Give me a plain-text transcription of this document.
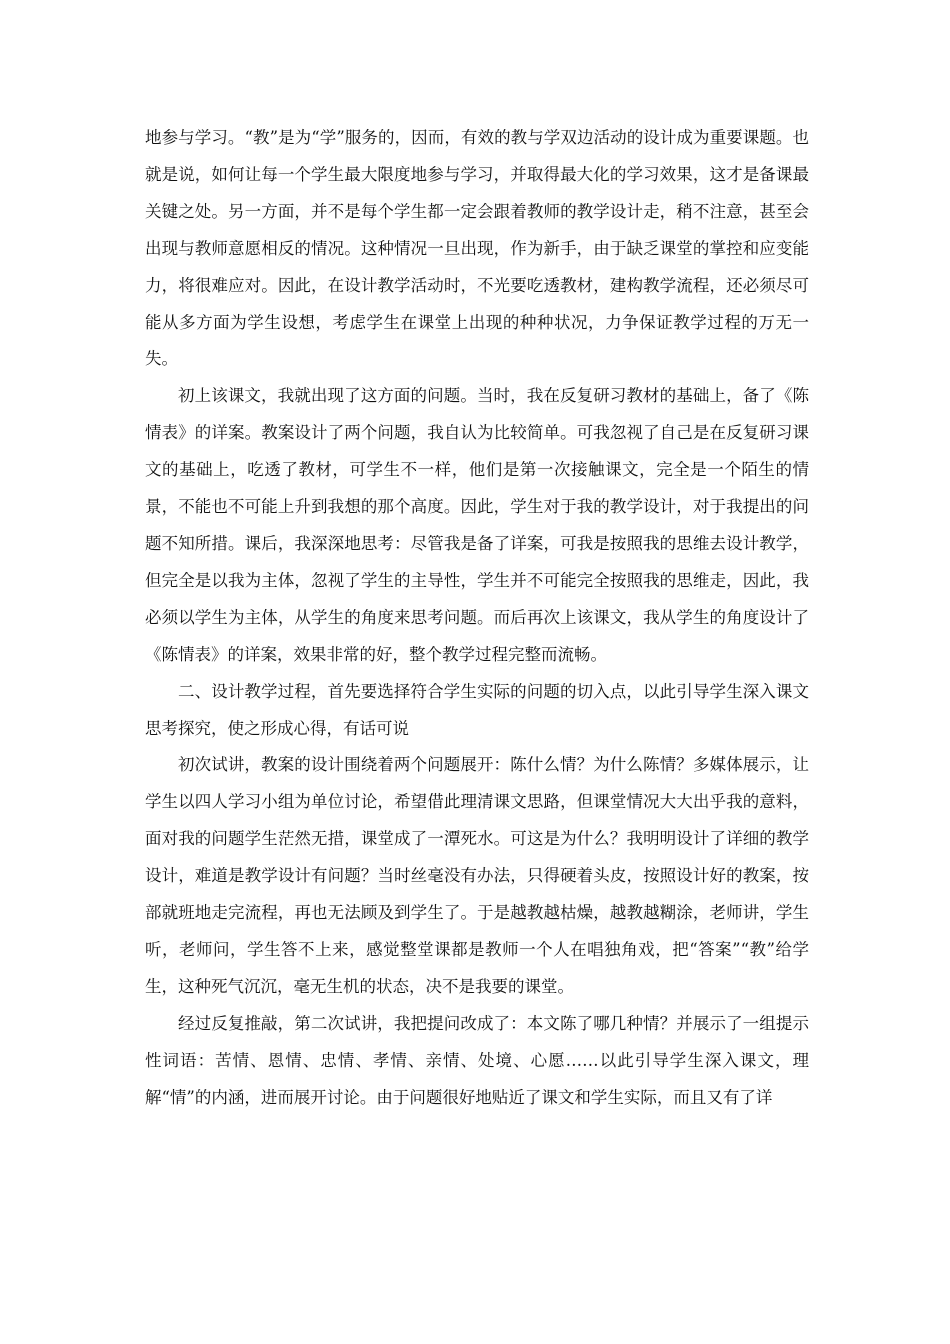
地参与学习。“教”是为“学”服务的，因而，有效的教与学双边活动的设计成为重要课题。也就是说，如何让每一个学生最大限度地参与学习，并取得最大化的学习效果，这才是备课最关键之处。另一方面，并不是每个学生都一定会跟着教师的教学设计走，稍不注意，甚至会出现与教师意愿相反的情况。这种情况一旦出现，作为新手，由于缺乏课堂的掌控和应变能力，将很难应对。因此，在设计教学活动时，不光要吃透教材，建构教学流程，还必须尽可能从多方面为学生设想，考虑学生在课堂上出现的种种状况，力争保证教学过程的万无一失。

初上该课文，我就出现了这方面的问题。当时，我在反复研习教材的基础上，备了《陈情表》的详案。教案设计了两个问题，我自认为比较简单。可我忽视了自己是在反复研习课文的基础上，吃透了教材，可学生不一样，他们是第一次接触课文，完全是一个陌生的情景，不能也不可能上升到我想的那个高度。因此，学生对于我的教学设计，对于我提出的问题不知所措。课后，我深深地思考：尽管我是备了详案，可我是按照我的思维去设计教学，但完全是以我为主体，忽视了学生的主导性，学生并不可能完全按照我的思维走，因此，我必须以学生为主体，从学生的角度来思考问题。而后再次上该课文，我从学生的角度设计了《陈情表》的详案，效果非常的好，整个教学过程完整而流畅。

二、设计教学过程，首先要选择符合学生实际的问题的切入点，以此引导学生深入课文思考探究，使之形成心得，有话可说

初次试讲，教案的设计围绕着两个问题展开：陈什么情？为什么陈情？多媒体展示，让学生以四人学习小组为单位讨论，希望借此理清课文思路，但课堂情况大大出乎我的意料，面对我的问题学生茫然无措，课堂成了一潭死水。可这是为什么？我明明设计了详细的教学设计，难道是教学设计有问题？当时丝毫没有办法，只得硬着头皮，按照设计好的教案，按部就班地走完流程，再也无法顾及到学生了。于是越教越枯燥，越教越糊涂，老师讲，学生听，老师问，学生答不上来，感觉整堂课都是教师一个人在唱独角戏，把“答案”“教”给学生，这种死气沉沉，毫无生机的状态，决不是我要的课堂。

经过反复推敲，第二次试讲，我把提问改成了：本文陈了哪几种情？并展示了一组提示性词语：苦情、恩情、忠情、孝情、亲情、处境、心愿……以此引导学生深入课文，理解“情”的内涵，进而展开讨论。由于问题很好地贴近了课文和学生实际，而且又有了详
